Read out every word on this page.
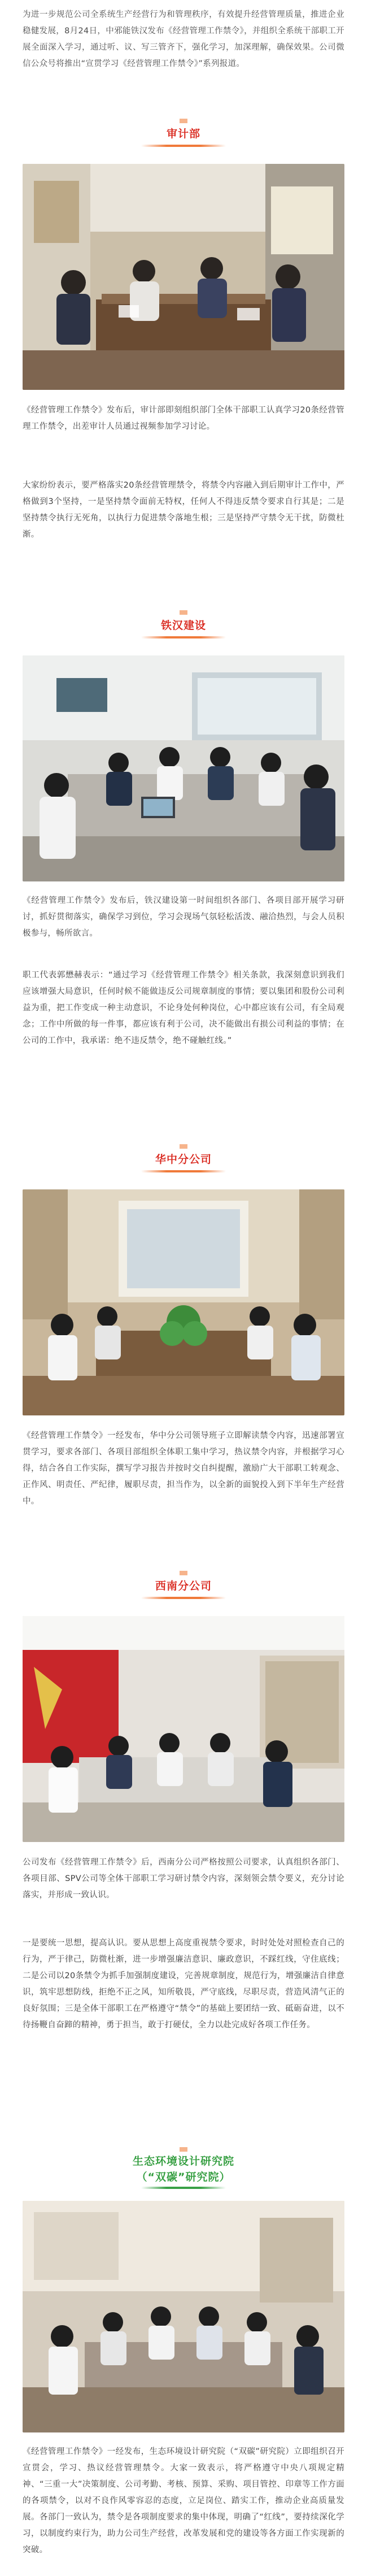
为进一步规范公司全系统生产经营行为和管理秩序，有效提升经营管理质量，推进企业稳健发展，8月24日，中邪能铁汉发布《经营管理工作禁令》，并组织全系统干部职工开展全面深入学习，通过听、议、写三管齐下，强化学习，加深理解，确保效果。公司微信公众号将推出“宣贯学习《经营管理工作禁令》”系列报道。

审计部

《经营管理工作禁令》发布后，审计部即刻组织部门全体干部职工认真学习20条经营管理工作禁令，出差审计人员通过视频参加学习讨论。

大家纷纷表示，要严格落实20条经营管理禁令，将禁令内容融入到后期审计工作中，严格做到3个坚持，一是坚持禁令面前无特权，任何人不得违反禁令要求自行其是；二是坚持禁令执行无死角，以执行力促进禁令落地生根；三是坚持严守禁令无干扰，防微杜渐。

铁汉建设

《经营管理工作禁令》发布后，铁汉建设第一时间组织各部门、各项目部开展学习研讨，抓好贯彻落实，确保学习到位，学习会现场气氛轻松活泼、融洽热烈，与会人员积极参与，畅所欲言。

职工代表郭懋赫表示：“通过学习《经营管理工作禁令》相关条款，我深刻意识到我们应该增强大局意识，任何时候不能做违反公司规章制度的事情；要以集团和股份公司利益为重，把工作变成一种主动意识，不论身处何种岗位，心中都应该有公司，有全局观念；工作中所做的每一件事，都应该有利于公司，决不能做出有损公司利益的事情；在公司的工作中，我承诺：绝不违反禁令，绝不碰触红线。”

华中分公司

《经营管理工作禁令》一经发布，华中分公司领导班子立即解读禁令内容，迅速部署宣贯学习，要求各部门、各项目部组织全体职工集中学习，热议禁令内容，并根据学习心得，结合各自工作实际，撰写学习报告并按时交自纠提醒，激励广大干部职工转观念、正作风、明责任、严纪律，履职尽责，担当作为，以全新的面貌投入到下半年生产经营中。

西南分公司

公司发布《经营管理工作禁令》后，西南分公司严格按照公司要求，认真组织各部门、各项目部、SPV公司等全体干部职工学习研讨禁令内容，深刻领会禁令要义，充分讨论落实，并形成一致认识。

一是要统一思想，提高认识。要从思想上高度重视禁令要求，时时处处对照检查自己的行为，严于律己，防微杜渐，进一步增强廉洁意识、廉政意识，不踩红线，守住底线；二是公司以20条禁令为抓手加强制度建设，完善规章制度，规范行为，增强廉洁自律意识，筑牢思想防线，拒绝不正之风，知所敬畏，严守底线，尽职尽责，营造风清气正的良好氛围；三是全体干部职工在严格遵守“禁令”的基础上要团结一致、砥砺奋进，以不待扬鞭自奋蹄的精神，勇于担当，敢于打硬仗，全力以赴完成好各项工作任务。

生态环境设计研究院
（“双碳”研究院）

《经营管理工作禁令》一经发布，生态环境设计研究院（“双碳”研究院）立即组织召开宣贯会，学习、热议经营管理禁令。大家一致表示，将严格遵守中央八项规定精神、“三重一大”决策制度、公司考勤、考核、预算、采购、项目管控、印章等工作方面的各项禁令，以对不良作风零容忍的态度，立足岗位、踏实工作，推动企业高质量发展。各部门一致认为，禁令是各项制度要求的集中体现，明确了“红线”，要持续深化学习，以制度约束行为，助力公司生产经营，改革发展和党的建设等各方面工作实现新的突破。
